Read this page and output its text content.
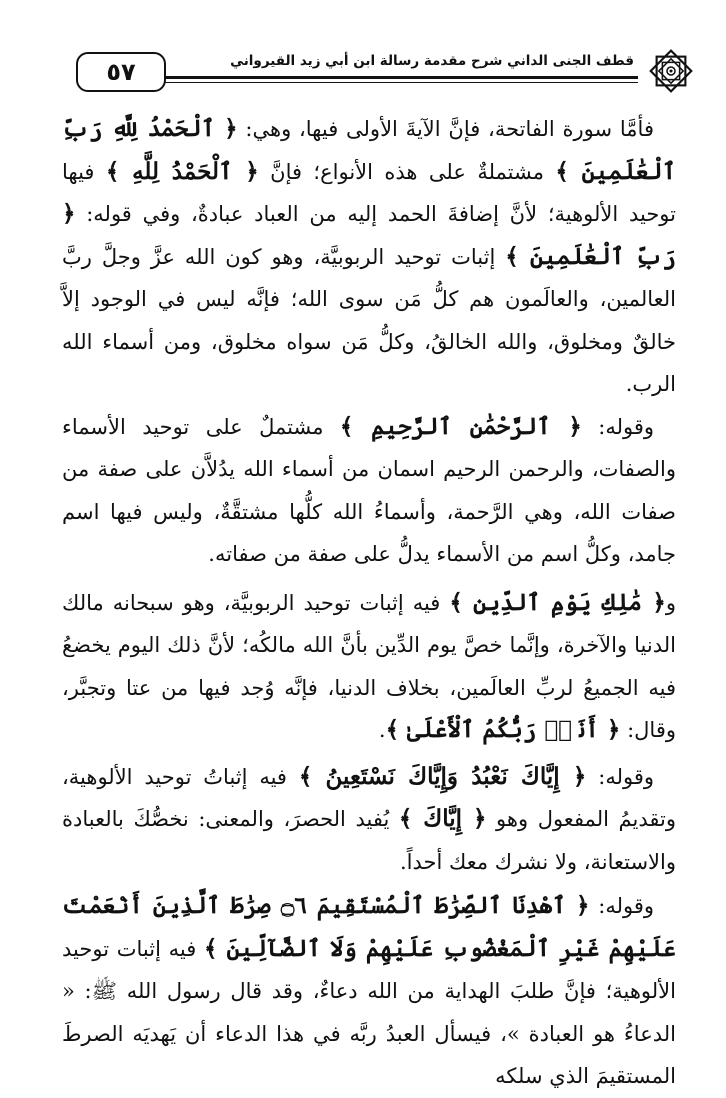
٥٧	قطف الجنى الداني شرح مقدمة رسالة ابن أبي زيد القيرواني

فأمَّا سورة الفاتحة، فإنَّ الآيةَ الأولى فيها، وهي: ﴿ ٱلْحَمْدُ لِلَّهِ رَبِّ ٱلْعَٰلَمِينَ ﴾ مشتملةٌ على هذه الأنواع؛ فإنَّ ﴿ ٱلْحَمْدُ لِلَّهِ ﴾ فيها توحيد الألوهية؛ لأنَّ إضافةَ الحمد إليه من العباد عبادةٌ، وفي قوله: ﴿ رَبِّ ٱلْعَٰلَمِينَ ﴾ إثبات توحيد الربوبيَّة، وهو كون الله عزَّ وجلَّ ربَّ العالمين، والعالَمون هم كلُّ مَن سوى الله؛ فإنَّه ليس في الوجود إلاَّ خالقٌ ومخلوق، والله الخالقُ، وكلُّ مَن سواه مخلوق، ومن أسماء الله الرب.

وقوله: ﴿ ٱلرَّحْمَٰنِ ٱلرَّحِيمِ ﴾ مشتملٌ على توحيد الأسماء والصفات، والرحمن الرحيم اسمان من أسماء الله يدُلاَّن على صفة من صفات الله، وهي الرَّحمة، وأسماءُ الله كلُّها مشتقَّةٌ، وليس فيها اسم جامد، وكلُّ اسم من الأسماء يدلُّ على صفة من صفاته.

و﴿ مَٰلِكِ يَوْمِ ٱلدِّينِ ﴾ فيه إثبات توحيد الربوبيَّة، وهو سبحانه مالك الدنيا والآخرة، وإنَّما خصَّ يوم الدِّين بأنَّ الله مالكُه؛ لأنَّ ذلك اليوم يخضعُ فيه الجميعُ لربِّ العالَمين، بخلاف الدنيا، فإنَّه وُجد فيها من عتا وتجبَّر، وقال: ﴿ أَنَا۠ رَبُّكُمُ ٱلْأَعْلَىٰ ﴾.

وقوله: ﴿ إِيَّاكَ نَعْبُدُ وَإِيَّاكَ نَسْتَعِينُ ﴾ فيه إثباتُ توحيد الألوهية، وتقديمُ المفعول وهو ﴿ إِيَّاكَ ﴾ يُفيد الحصرَ، والمعنى: نخصُّكَ بالعبادة والاستعانة، ولا نشرك معك أحداً.

وقوله: ﴿ ٱهْدِنَا ٱلصِّرَٰطَ ٱلْمُسْتَقِيمَ ۝٦ صِرَٰطَ ٱلَّذِينَ أَنْعَمْتَ عَلَيْهِمْ غَيْرِ ٱلْمَغْضُوبِ عَلَيْهِمْ وَلَا ٱلضَّآلِّينَ ﴾ فيه إثبات توحيد الألوهية؛ فإنَّ طلبَ الهداية من الله دعاءٌ، وقد قال رسول الله ﷺ: « الدعاءُ هو العبادة »، فيسأل العبدُ ربَّه في هذا الدعاء أن يَهديَه الصرطَ المستقيمَ الذي سلكه
